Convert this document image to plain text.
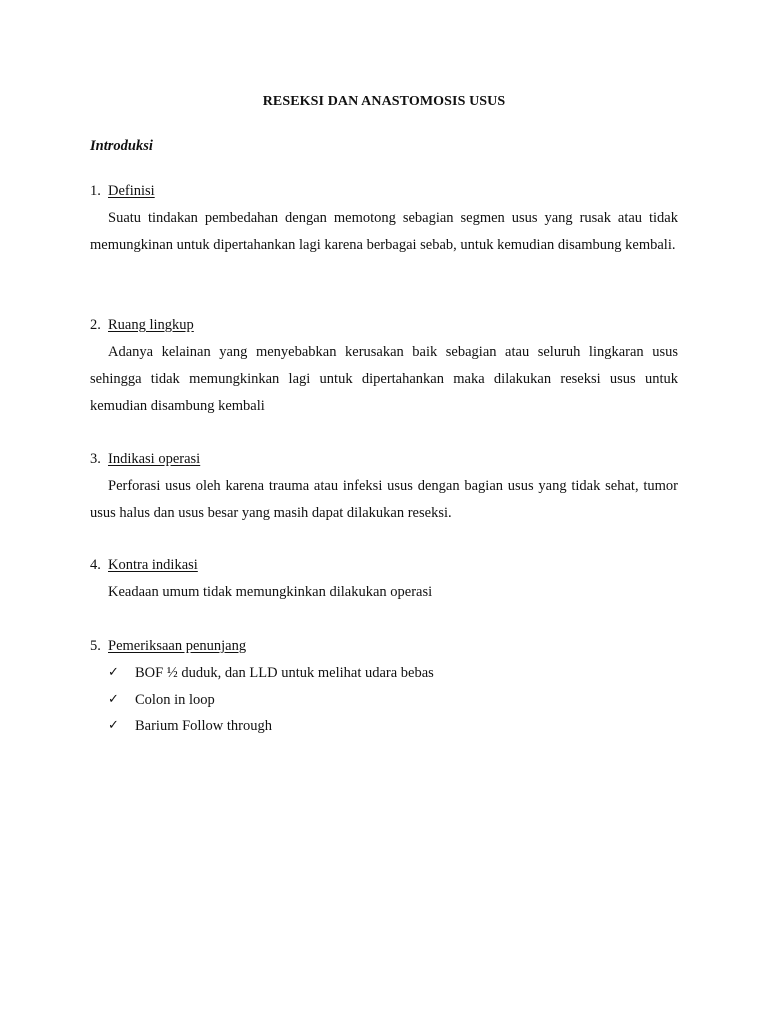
RESEKSI DAN ANASTOMOSIS USUS
Introduksi
1. Definisi

Suatu tindakan pembedahan dengan memotong sebagian segmen usus yang rusak atau tidak memungkinan untuk dipertahankan lagi karena berbagai sebab, untuk kemudian disambung kembali.

2. Ruang lingkup

Adanya kelainan yang menyebabkan kerusakan baik sebagian atau seluruh lingkaran usus sehingga tidak memungkinkan lagi untuk dipertahankan maka dilakukan reseksi usus untuk kemudian disambung kembali

3. Indikasi operasi

Perforasi usus oleh karena trauma atau infeksi usus dengan bagian usus yang tidak sehat, tumor usus halus dan usus besar yang masih dapat dilakukan reseksi.

4. Kontra indikasi

Keadaan umum tidak memungkinkan dilakukan operasi

5. Pemeriksaan penunjang
✓	BOF ½ duduk, dan LLD untuk melihat udara bebas
✓	Colon in loop
✓	Barium Follow through
